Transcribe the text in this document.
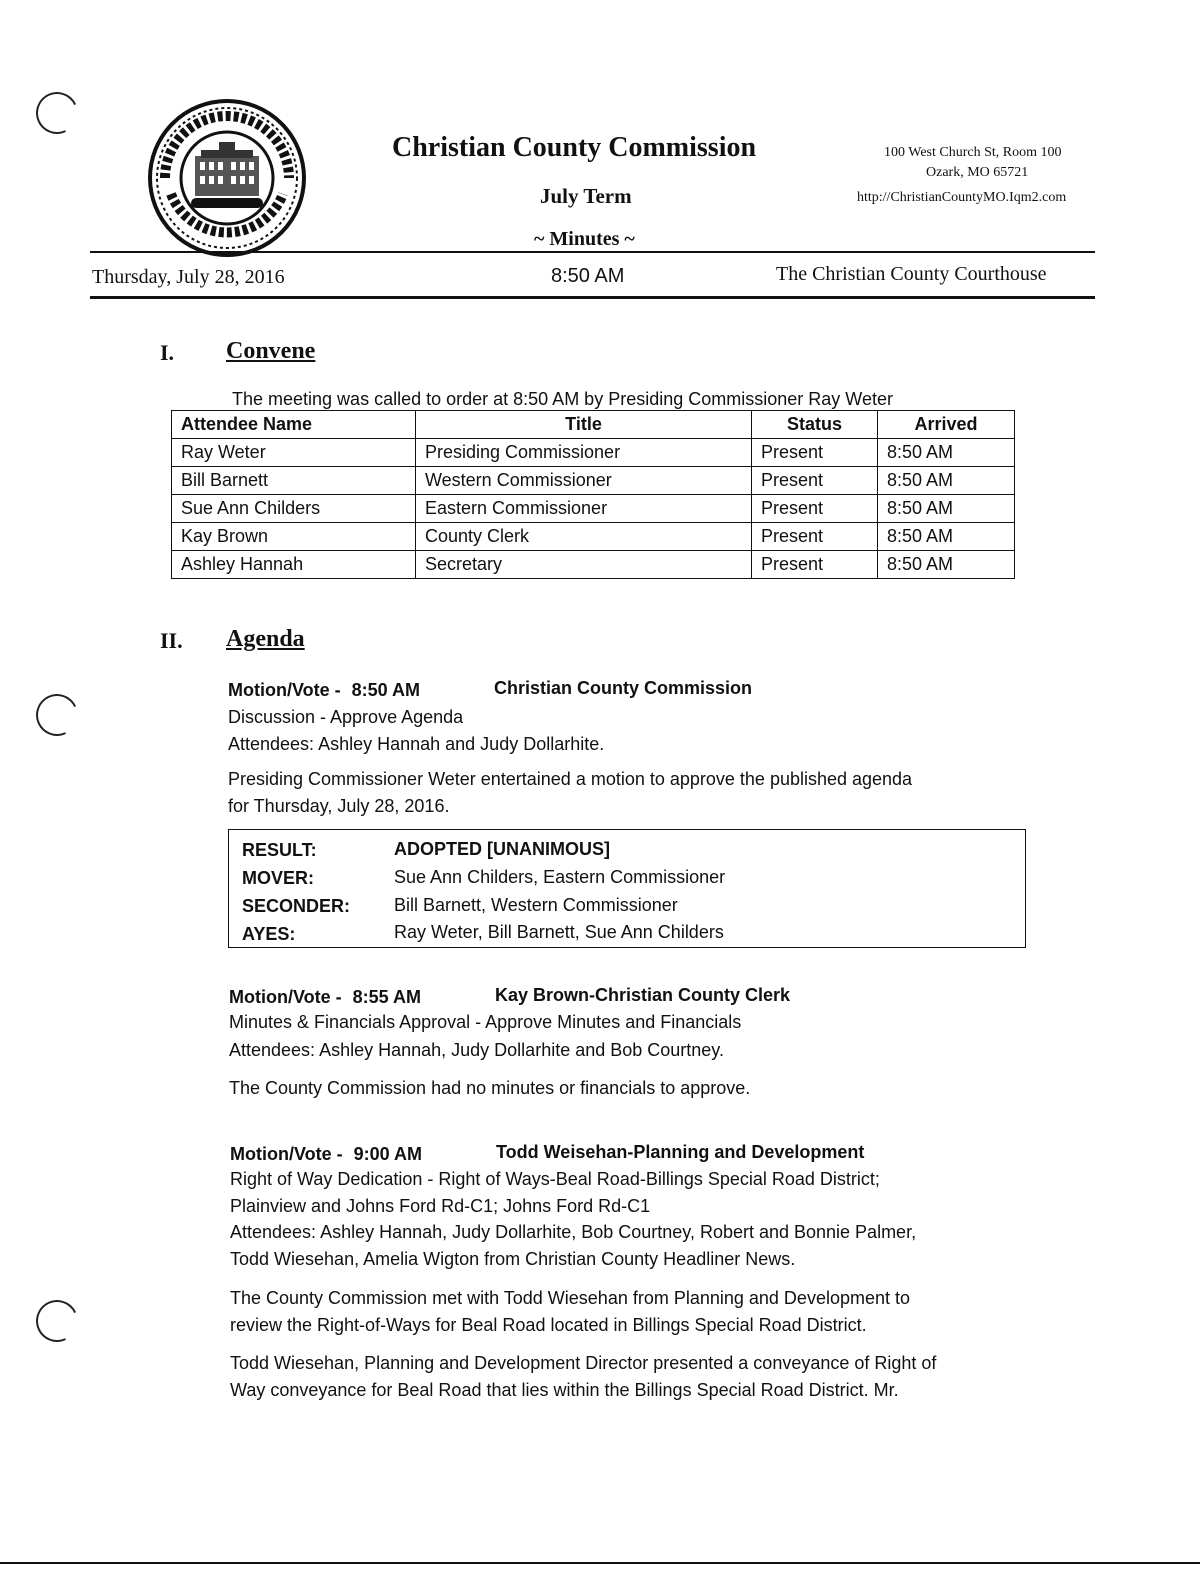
Christian County Commission
July Term
~ Minutes ~
100 West Church St, Room 100
Ozark, MO 65721
http://ChristianCountyMO.Iqm2.com
Thursday, July 28, 2016	8:50 AM	The Christian County Courthouse
I. Convene
The meeting was called to order at 8:50 AM by Presiding Commissioner Ray Weter
Attendee Name	Title	Status	Arrived
Ray Weter	Presiding Commissioner	Present	8:50 AM
Bill Barnett	Western Commissioner	Present	8:50 AM
Sue Ann Childers	Eastern Commissioner	Present	8:50 AM
Kay Brown	County Clerk	Present	8:50 AM
Ashley Hannah	Secretary	Present	8:50 AM
II. Agenda
Motion/Vote - 8:50 AM	Christian County Commission
Discussion - Approve Agenda
Attendees: Ashley Hannah and Judy Dollarhite.
Presiding Commissioner Weter entertained a motion to approve the published agenda
for Thursday, July 28, 2016.
RESULT:	ADOPTED [UNANIMOUS]
MOVER:	Sue Ann Childers, Eastern Commissioner
SECONDER: Bill Barnett, Western Commissioner
AYES:	Ray Weter, Bill Barnett, Sue Ann Childers
Motion/Vote - 8:55 AM	Kay Brown-Christian County Clerk
Minutes & Financials Approval - Approve Minutes and Financials
Attendees: Ashley Hannah, Judy Dollarhite and Bob Courtney.
The County Commission had no minutes or financials to approve.
Motion/Vote - 9:00 AM	Todd Weisehan-Planning and Development
Right of Way Dedication - Right of Ways-Beal Road-Billings Special Road District;
Plainview and Johns Ford Rd-C1; Johns Ford Rd-C1
Attendees: Ashley Hannah, Judy Dollarhite, Bob Courtney, Robert and Bonnie Palmer,
Todd Wiesehan, Amelia Wigton from Christian County Headliner News.
The County Commission met with Todd Wiesehan from Planning and Development to
review the Right-of-Ways for Beal Road located in Billings Special Road District.
Todd Wiesehan, Planning and Development Director presented a conveyance of Right of
Way conveyance for Beal Road that lies within the Billings Special Road District. Mr.
